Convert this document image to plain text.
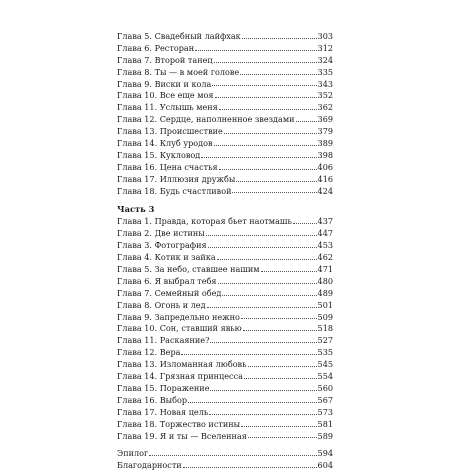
Глава 5. Свадебный лайфхак	303
Глава 6. Ресторан	312
Глава 7. Второй танец	324
Глава 8. Ты — в моей голове	335
Глава 9. Виски и кола	343
Глава 10. Все еще моя	352
Глава 11. Услышь меня	362
Глава 12. Сердце, наполненное звездами	369
Глава 13. Происшествие	379
Глава 14. Клуб уродов	389
Глава 15. Кукловод	398
Глава 16. Цена счастья	406
Глава 17. Иллюзия дружбы	416
Глава 18. Будь счастливой	424
Часть 3
Глава 1. Правда, которая бьет наотмашь	437
Глава 2. Две истины	447
Глава 3. Фотография	453
Глава 4. Котик и зайка	462
Глава 5. За небо, ставшее нашим	471
Глава 6. Я выбрал тебя	480
Глава 7. Семейный обед	489
Глава 8. Огонь и лед	501
Глава 9. Запредельно нежно	509
Глава 10. Сон, ставший явью	518
Глава 11. Раскаяние?	527
Глава 12. Вера	535
Глава 13. Изломанная любовь	545
Глава 14. Грязная принцесса	554
Глава 15. Поражение	560
Глава 16. Выбор	567
Глава 17. Новая цель	573
Глава 18. Торжество истины	581
Глава 19. Я и ты — Вселенная	589
Эпилог	594
Благодарности	604
